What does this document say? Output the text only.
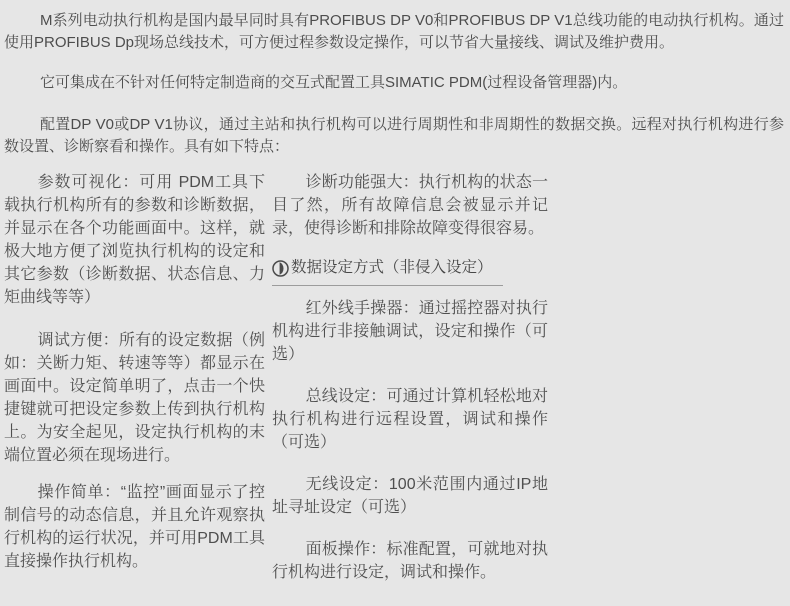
M系列电动执行机构是国内最早同时具有PROFIBUS DP V0和PROFIBUS DP V1总线功能的电动执行机构。通过使用PROFIBUS Dp现场总线技术，可方便过程参数设定操作，可以节省大量接线、调试及维护费用。

它可集成在不针对任何特定制造商的交互式配置工具SIMATIC PDM(过程设备管理器)内。

配置DP V0或DP V1协议，通过主站和执行机构可以进行周期性和非周期性的数据交换。远程对执行机构进行参数设置、诊断察看和操作。具有如下特点：

参数可视化：可用 PDM工具下载执行机构所有的参数和诊断数据，并显示在各个功能画面中。这样，就极大地方便了浏览执行机构的设定和其它参数（诊断数据、状态信息、力矩曲线等等）

调试方便：所有的设定数据（例如：关断力矩、转速等等）都显示在画面中。设定简单明了，点击一个快捷键就可把设定参数上传到执行机构上。为安全起见，设定执行机构的末端位置必须在现场进行。

操作简单：“监控”画面显示了控制信号的动态信息，并且允许观察执行机构的运行状况，并可用PDM工具直接操作执行机构。

诊断功能强大：执行机构的状态一目了然，所有故障信息会被显示并记录，使得诊断和排除故障变得很容易。

数据设定方式（非侵入设定）

红外线手操器：通过摇控器对执行机构进行非接触调试，设定和操作（可选）

总线设定：可通过计算机轻松地对执行机构进行远程设置，调试和操作（可选）

无线设定：100米范围内通过IP地址寻址设定（可选）

面板操作：标准配置，可就地对执行机构进行设定，调试和操作。
